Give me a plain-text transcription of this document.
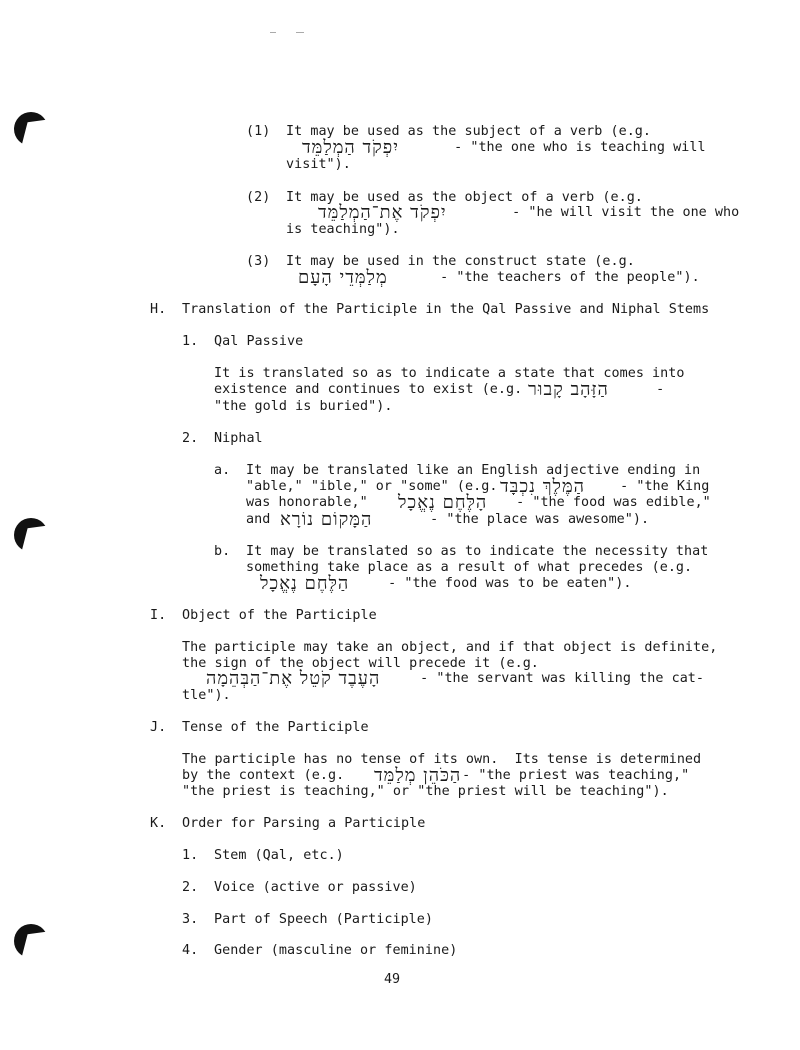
(1) It may be used as the subject of a verb (e.g.
יִפְקֹד הַמְלַמֵּד	- "the one who is teaching will
visit").
(2) It may be used as the object of a verb (e.g.
יִפְקֹד אֶת־הַמְלַמֵּד	- "he will visit the one who
is teaching").
(3) It may be used in the construct state (e.g.
מְלַמְּדֵי הָעָם	- "the teachers of the people").
H. Translation of the Participle in the Qal Passive and Niphal Stems
1. Qal Passive
It is translated so as to indicate a state that comes into
existence and continues to exist (e.g. הַזָּהָב קָבוּר	-
"the gold is buried").
2. Niphal
a. It may be translated like an English adjective ending in
"able," "ible," or "some" (e.g. הַמֶּלֶךְ נִכְבָּד - "the King
was honorable," הָלֶּחֶם נֶאֱכָל - "the food was edible,"
and הַמָּקוֹם נוֹרָא	- "the place was awesome").
b. It may be translated so as to indicate the necessity that
something take place as a result of what precedes (e.g.
הַלֶּחֶם נֶאֱכָל - "the food was to be eaten").
I. Object of the Participle
The participle may take an object, and if that object is definite,
the sign of the object will precede it (e.g.
הָעֶבֶד קֹטֵל אֶת־הַבְּהֵמָה - "the servant was killing the cat-
tle").
J. Tense of the Participle
The participle has no tense of its own.  Its tense is determined
by the context (e.g. הַכֹּהֵן מְלַמֵּד
- "the priest was teaching,"
"the priest is teaching," or "the priest will be teaching").
K. Order for Parsing a Participle
1. Stem (Qal, etc.)
2. Voice (active or passive)
3. Part of Speech (Participle)
4. Gender (masculine or feminine)
49
